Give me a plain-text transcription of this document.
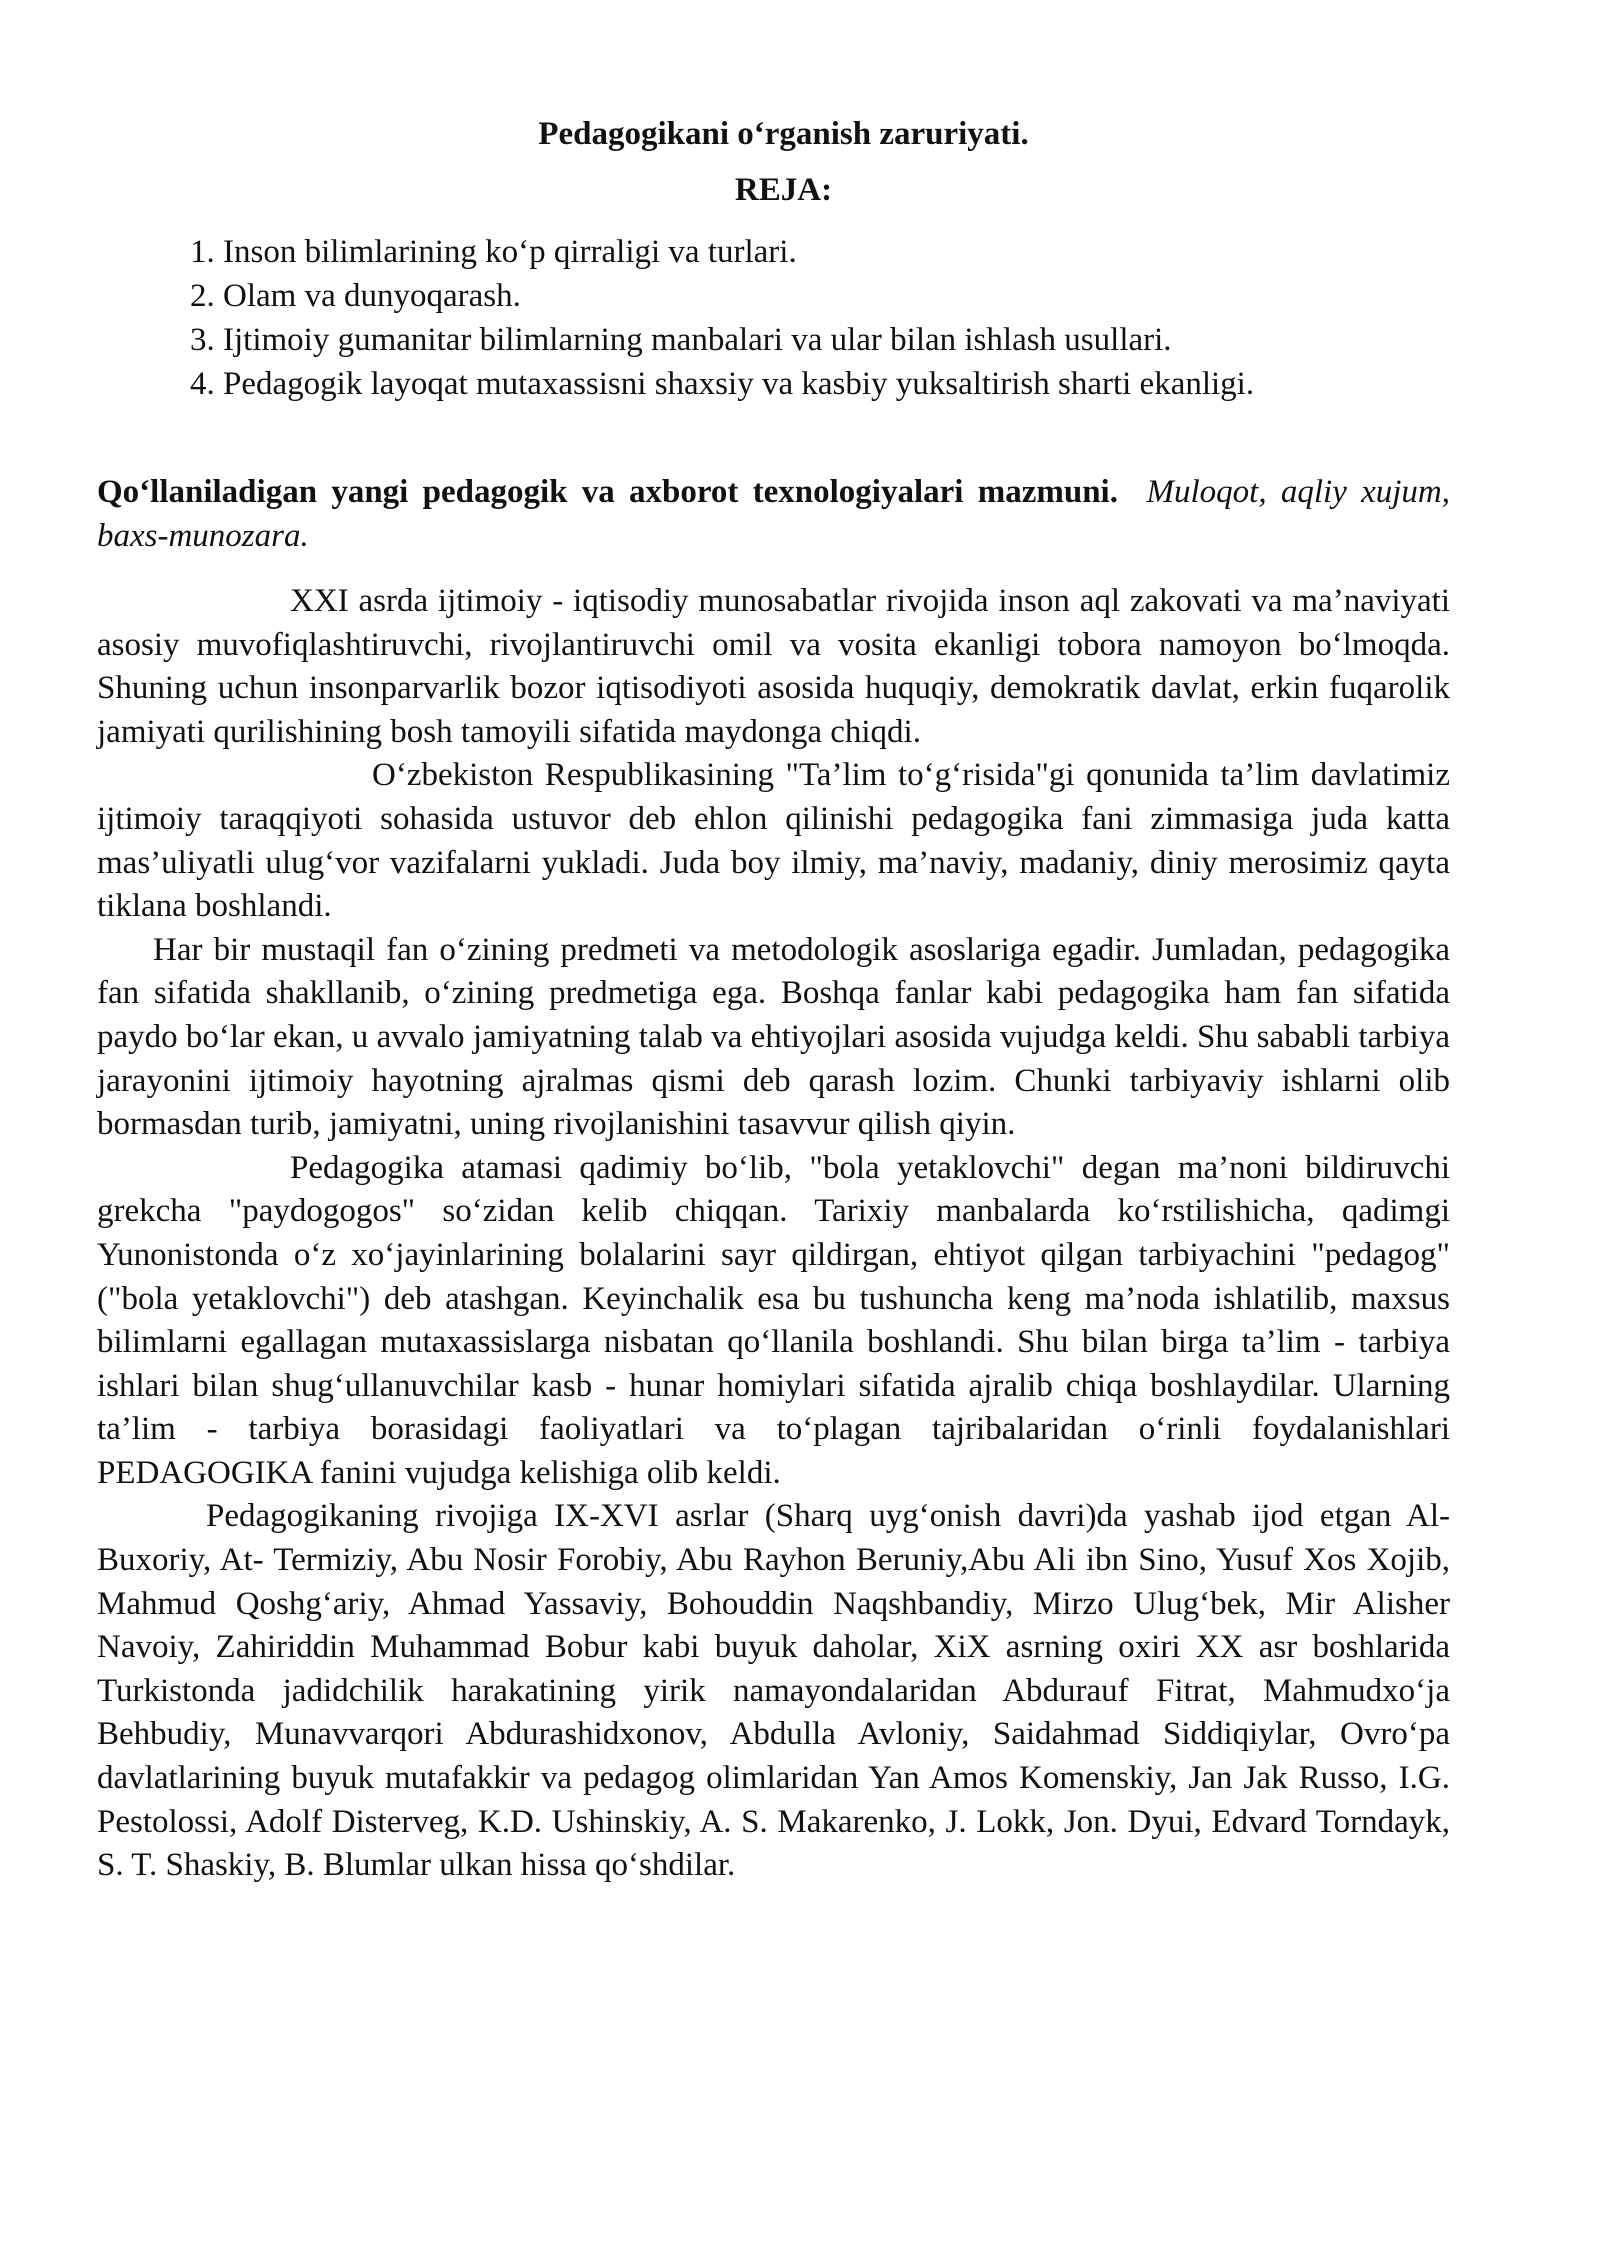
Pedagogikani o‘rganish zaruriyati.
REJA:
1. Inson bilimlarining ko‘p qirraligi va turlari.
2. Olam va dunyoqarash.
3. Ijtimoiy gumanitar bilimlarning manbalari va ular bilan ishlash usullari.
4. Pedagogik layoqat mutaxassisni shaxsiy va kasbiy yuksaltirish sharti ekanligi.

Qo‘llaniladigan yangi pedagogik va axborot texnologiyalari mazmuni. Muloqot, aqliy xujum, baxs-munozara.

XXI asrda ijtimoiy - iqtisodiy munosabatlar rivojida inson aql zakovati va ma’naviyati asosiy muvofiqlashtiruvchi, rivojlantiruvchi omil va vosita ekanligi tobora namoyon bo‘lmoqda. Shuning uchun insonparvarlik bozor iqtisodiyoti asosida huquqiy, demokratik davlat, erkin fuqarolik jamiyati qurilishining bosh tamoyili sifatida maydonga chiqdi.

O‘zbekiston Respublikasining "Ta’lim to‘g‘risida"gi qonunida ta’lim davlatimiz ijtimoiy taraqqiyoti sohasida ustuvor deb ehlon qilinishi pedagogika fani zimmasiga juda katta mas’uliyatli ulug‘vor vazifalarni yukladi. Juda boy ilmiy, ma’naviy, madaniy, diniy merosimiz qayta tiklana boshlandi.

Har bir mustaqil fan o‘zining predmeti va metodologik asoslariga egadir. Jumladan, pedagogika fan sifatida shakllanib, o‘zining predmetiga ega. Boshqa fanlar kabi pedagogika ham fan sifatida paydo bo‘lar ekan, u avvalo jamiyatning talab va ehtiyojlari asosida vujudga keldi. Shu sababli tarbiya jarayonini ijtimoiy hayotning ajralmas qismi deb qarash lozim. Chunki tarbiyaviy ishlarni olib bormasdan turib, jamiyatni, uning rivojlanishini tasavvur qilish qiyin.

Pedagogika atamasi qadimiy bo‘lib, "bola yetaklovchi" degan ma’noni bildiruvchi grekcha "paydogogos" so‘zidan kelib chiqqan. Tarixiy manbalarda ko‘rstilishicha, qadimgi Yunonistonda o‘z xo‘jayinlarining bolalarini sayr qildirgan, ehtiyot qilgan tarbiyachini "pedagog" ("bola yetaklovchi") deb atashgan. Keyinchalik esa bu tushuncha keng ma’noda ishlatilib, maxsus bilimlarni egallagan mutaxassislarga nisbatan qo‘llanila boshlandi. Shu bilan birga ta’lim - tarbiya ishlari bilan shug‘ullanuvchilar kasb - hunar homiylari sifatida ajralib chiqa boshlaydilar. Ularning ta’lim - tarbiya borasidagi faoliyatlari va to‘plagan tajribalaridan o‘rinli foydalanishlari PEDAGOGIKA fanini vujudga kelishiga olib keldi.

Pedagogikaning rivojiga IX-XVI asrlar (Sharq uyg‘onish davri)da yashab ijod etgan Al-Buxoriy, At- Termiziy, Abu Nosir Forobiy, Abu Rayhon Beruniy,Abu Ali ibn Sino, Yusuf Xos Xojib, Mahmud Qoshg‘ariy, Ahmad Yassaviy, Bohouddin Naqshbandiy, Mirzo Ulug‘bek, Mir Alisher Navoiy, Zahiriddin Muhammad Bobur kabi buyuk daholar, XiX asrning oxiri XX asr boshlarida Turkistonda jadidchilik harakatining yirik namayondalaridan Abdurauf Fitrat, Mahmudxo‘ja Behbudiy, Munavvarqori Abdurashidxonov, Abdulla Avloniy, Saidahmad Siddiqiylar, Ovro‘pa davlatlarining buyuk mutafakkir va pedagog olimlaridan Yan Amos Komenskiy, Jan Jak Russo, I.G. Pestolossi, Adolf Disterveg, K.D. Ushinskiy, A. S. Makarenko, J. Lokk, Jon. Dyui, Edvard Torndayk, S. T. Shaskiy, B. Blumlar ulkan hissa qo‘shdilar.
